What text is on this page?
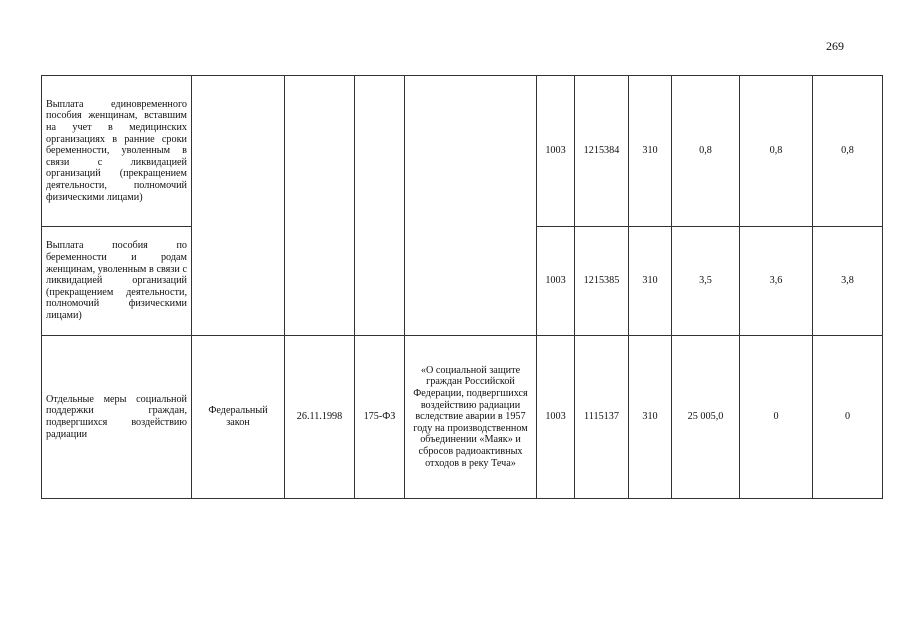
269
Выплата единовременного пособия женщинам, вставшим на учет в медицинских организациях в ранние сроки беременности, уволенным в связи с ликвидацией организаций (прекращением деятельности, полномочий физическими лицами)					1003	1215384	310	0,8	0,8	0,8
Выплата пособия по беременности и родам женщинам, уволенным в связи с ликвидацией организаций (прекращением деятельности, полномочий физическими лицами)					1003	1215385	310	3,5	3,6	3,8
Отдельные меры социальной поддержки граждан, подвергшихся воздействию радиации	Федеральный закон	26.11.1998	175-ФЗ	«О социальной защите граждан Российской Федерации, подвергшихся воздействию радиации вследствие аварии в 1957 году на производственном объединении «Маяк» и сбросов радиоактивных отходов в реку Теча»	1003	1115137	310	25 005,0	0	0
